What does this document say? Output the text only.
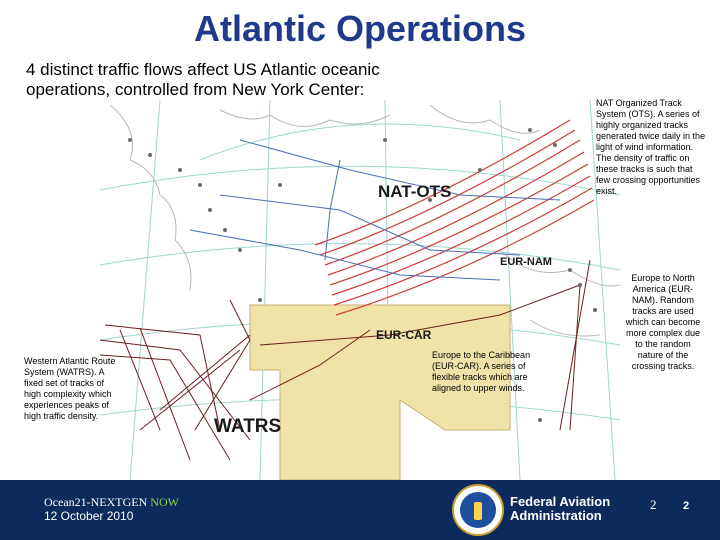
Atlantic Operations
4 distinct traffic flows affect US Atlantic oceanic operations, controlled from New York Center:
NAT Organized Track System (OTS). A series of highly organized tracks generated twice daily in the light of wind information. The density of traffic on these tracks is such that few crossing opportunities exist.
Europe to North America (EUR-NAM). Random tracks are used which can become more complex due to the random nature of the crossing tracks.
Europe to the Caribbean (EUR-CAR). A series of flexible tracks which are aligned to upper winds.
Western Atlantic Route System (WATRS). A fixed set of tracks of high complexity which experiences peaks of high traffic density.
NAT-OTS
EUR-NAM
EUR-CAR
WATRS
Ocean21-NEXTGEN NOW
12 October 2010
Federal Aviation
Administration
2 2
